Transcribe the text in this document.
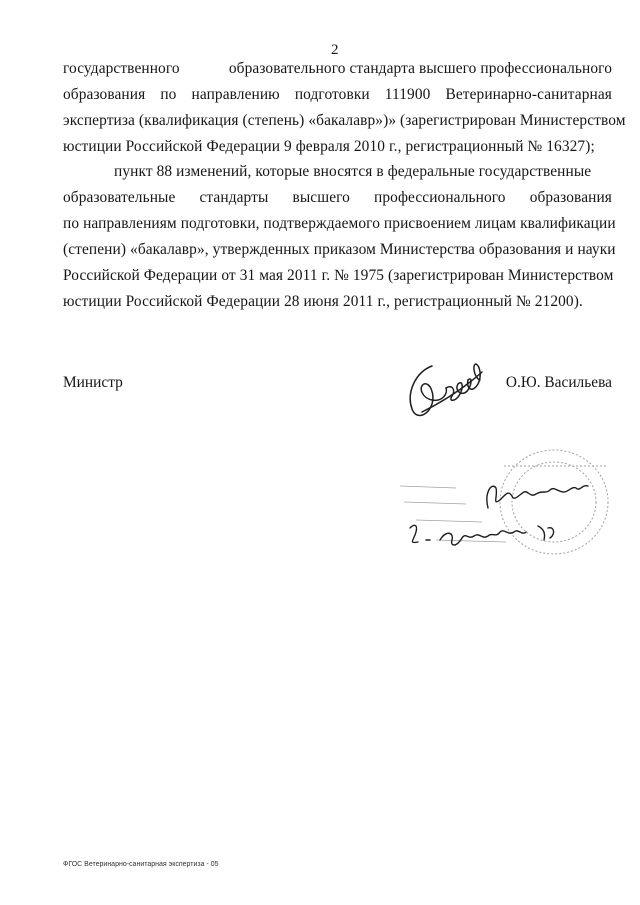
2
государственного	образовательного стандарта высшего профессионального
образования по направлению подготовки 111900 Ветеринарно-санитарная
экспертиза (квалификация (степень) «бакалавр»)» (зарегистрирован Министерством
юстиции Российской Федерации 9 февраля 2010 г., регистрационный № 16327);
пункт 88 изменений, которые вносятся в федеральные государственные
образовательные стандарты высшего профессионального образования
по направлениям подготовки, подтверждаемого присвоением лицам квалификации
(степени) «бакалавр», утвержденных приказом Министерства образования и науки
Российской Федерации от 31 мая 2011 г. № 1975 (зарегистрирован Министерством
юстиции Российской Федерации 28 июня 2011 г., регистрационный № 21200).
Министр	О.Ю. Васильева
ФГОС Ветеринарно-санитарная экспертиза - 05
